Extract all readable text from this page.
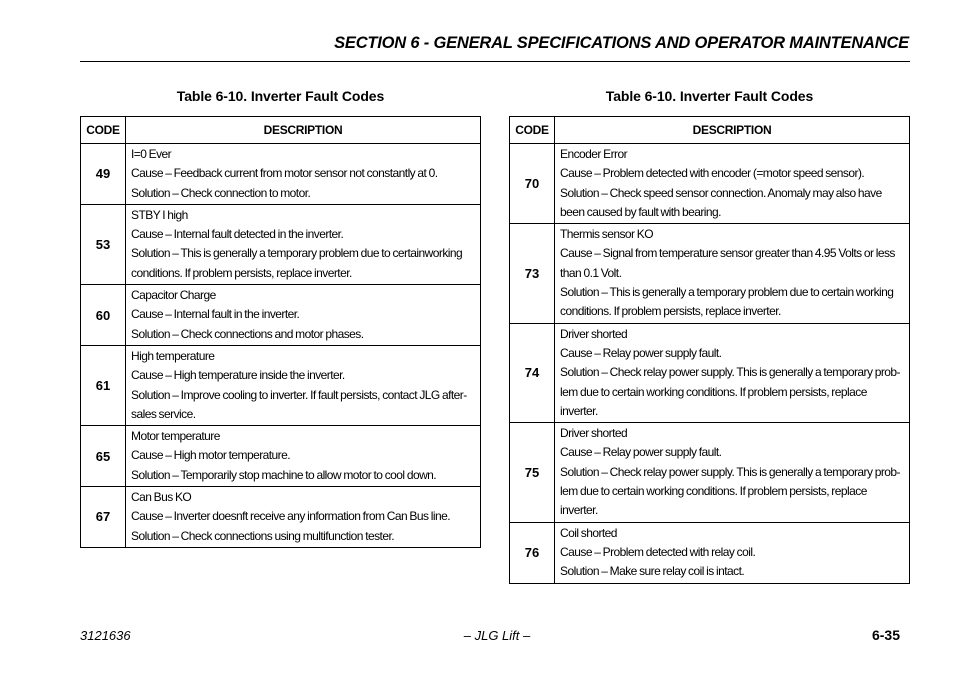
SECTION 6 - GENERAL SPECIFICATIONS AND OPERATOR MAINTENANCE
Table 6-10. Inverter Fault Codes
CODE	DESCRIPTION
49	I=0 Ever
Cause – Feedback current from motor sensor not constantly at 0.
Solution – Check connection to motor.

53	STBY I high
Cause – Internal fault detected in the inverter.
Solution – This is generally a temporary problem due to certainworking conditions. If problem persists, replace inverter.

60	Capacitor Charge
Cause – Internal fault in the inverter.
Solution – Check connections and motor phases.

61	High temperature
Cause – High temperature inside the inverter.
Solution – Improve cooling to inverter. If fault persists, contact JLG after-sales service.

65	Motor temperature
Cause – High motor temperature.
Solution – Temporarily stop machine to allow motor to cool down.

67	Can Bus KO
Cause – Inverter doesnft receive any information from Can Bus line.
Solution – Check connections using multifunction tester.
Table 6-10. Inverter Fault Codes
CODE	DESCRIPTION
70	Encoder Error
Cause – Problem detected with encoder (=motor speed sensor).
Solution – Check speed sensor connection. Anomaly may also have been caused by fault with bearing.

73	Thermis sensor KO
Cause – Signal from temperature sensor greater than 4.95 Volts or less than 0.1 Volt.
Solution – This is generally a temporary problem due to certain working conditions. If problem persists, replace inverter.

74	Driver shorted
Cause – Relay power supply fault.
Solution – Check relay power supply. This is generally a temporary prob-lem due to certain working conditions. If problem persists, replace inverter.

75	Driver shorted
Cause – Relay power supply fault.
Solution – Check relay power supply. This is generally a temporary prob-lem due to certain working conditions. If problem persists, replace inverter.

76	Coil shorted
Cause – Problem detected with relay coil.
Solution – Make sure relay coil is intact.
3121636	– JLG Lift –	6-35
